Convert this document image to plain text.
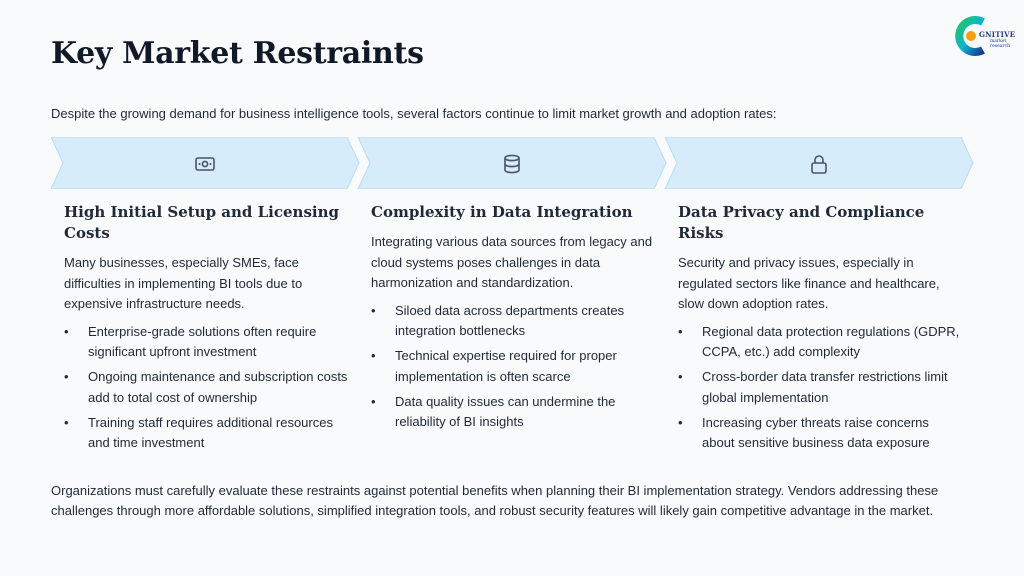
Key Market Restraints
GNITIVE
market
research

Despite the growing demand for business intelligence tools, several factors continue to limit market growth and adoption rates:

High Initial Setup and Licensing Costs

Many businesses, especially SMEs, face difficulties in implementing BI tools due to expensive infrastructure needs.

• Enterprise-grade solutions often require significant upfront investment
• Ongoing maintenance and subscription costs add to total cost of ownership
• Training staff requires additional resources and time investment
Complexity in Data Integration

Integrating various data sources from legacy and cloud systems poses challenges in data harmonization and standardization.

• Siloed data across departments creates integration bottlenecks
• Technical expertise required for proper implementation is often scarce
• Data quality issues can undermine the reliability of BI insights
Data Privacy and Compliance Risks

Security and privacy issues, especially in regulated sectors like finance and healthcare, slow down adoption rates.

• Regional data protection regulations (GDPR, CCPA, etc.) add complexity
• Cross-border data transfer restrictions limit global implementation
• Increasing cyber threats raise concerns about sensitive business data exposure

Organizations must carefully evaluate these restraints against potential benefits when planning their BI implementation strategy. Vendors addressing these challenges through more affordable solutions, simplified integration tools, and robust security features will likely gain competitive advantage in the market.
